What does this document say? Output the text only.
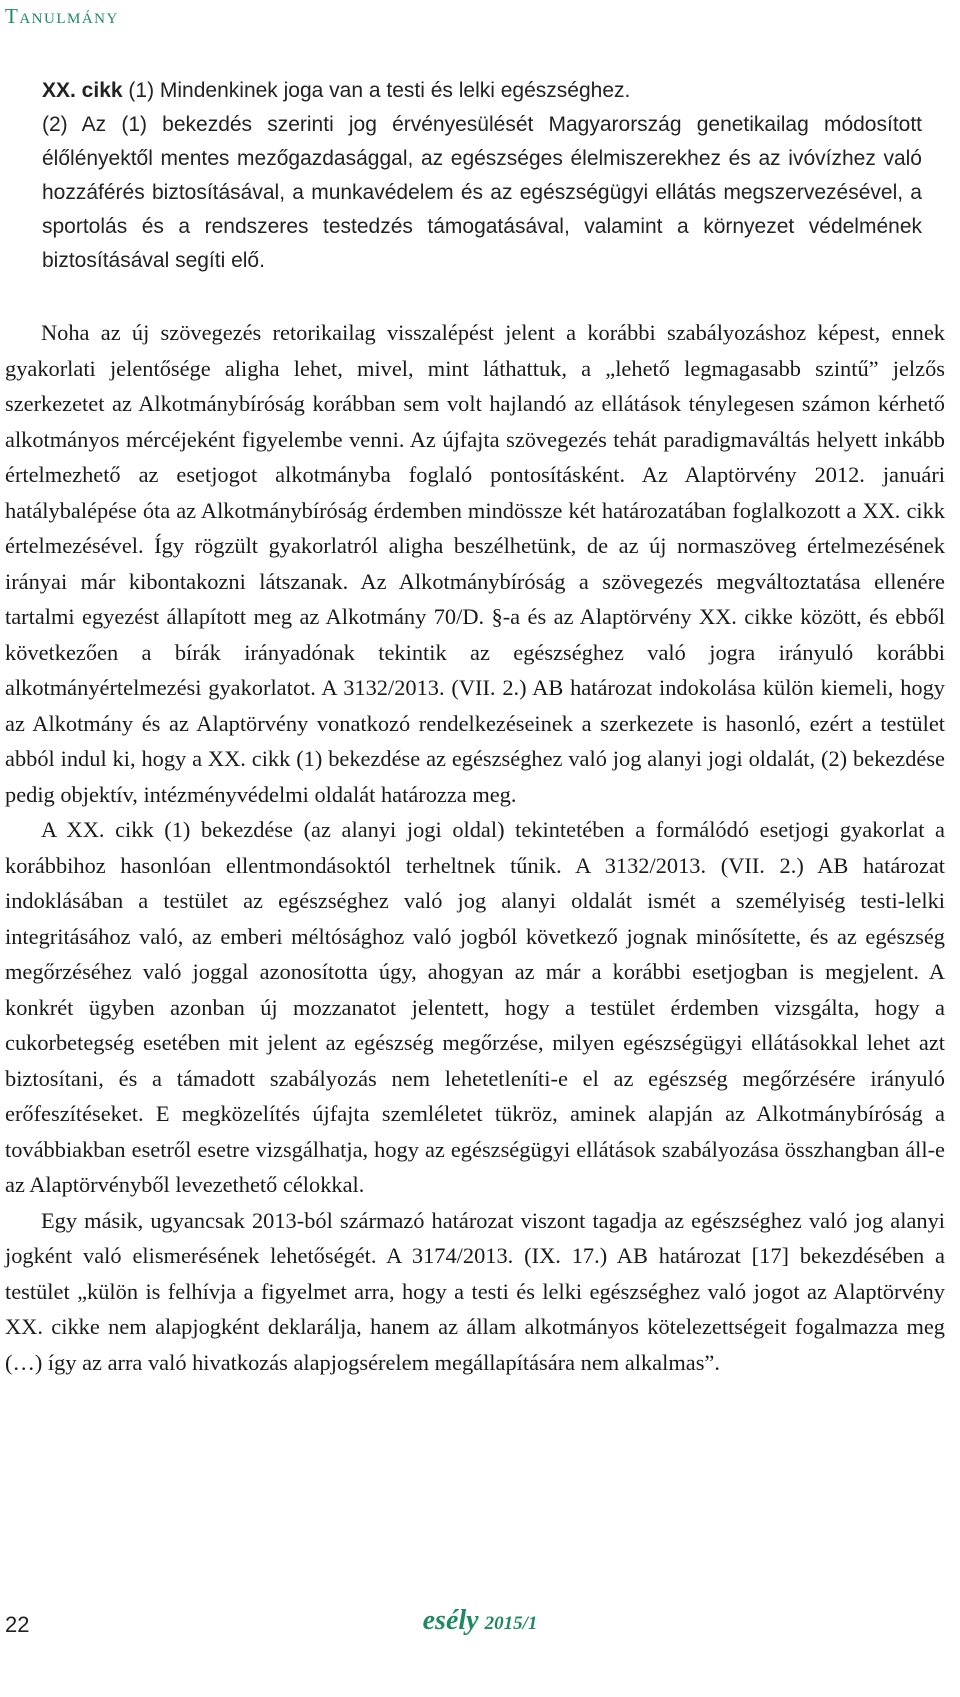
Tanulmány

XX. cikk (1) Mindenkinek joga van a testi és lelki egészséghez.

(2) Az (1) bekezdés szerinti jog érvényesülését Magyarország genetikailag módosított élőlényektől mentes mezőgazdasággal, az egészséges élelmiszerekhez és az ivóvízhez való hozzáférés biztosításával, a munkavédelem és az egészségügyi ellátás megszervezésével, a sportolás és a rendszeres testedzés támogatásával, valamint a környezet védelmének biztosításával segíti elő.

Noha az új szövegezés retorikailag visszalépést jelent a korábbi szabályozáshoz képest, ennek gyakorlati jelentősége aligha lehet, mivel, mint láthattuk, a „lehető legmagasabb szintű” jelzős szerkezetet az Alkotmánybíróság korábban sem volt hajlandó az ellátások ténylegesen számon kérhető alkotmányos mércéjeként figyelembe venni. Az újfajta szövegezés tehát paradigmaváltás helyett inkább értelmezhető az esetjogot alkotmányba foglaló pontosításként. Az Alaptörvény 2012. januári hatálybalépése óta az Alkotmánybíróság érdemben mindössze két határozatában foglalkozott a XX. cikk értelmezésével. Így rögzült gyakorlatról aligha beszélhetünk, de az új normaszöveg értelmezésének irányai már kibontakozni látszanak. Az Alkotmánybíróság a szövegezés megváltoztatása ellenére tartalmi egyezést állapított meg az Alkotmány 70/D. §-a és az Alaptörvény XX. cikke között, és ebből következően a bírák irányadónak tekintik az egészséghez való jogra irányuló korábbi alkotmányértelmezési gyakorlatot. A 3132/2013. (VII. 2.) AB határozat indokolása külön kiemeli, hogy az Alkotmány és az Alaptörvény vonatkozó rendelkezéseinek a szerkezete is hasonló, ezért a testület abból indul ki, hogy a XX. cikk (1) bekezdése az egészséghez való jog alanyi jogi oldalát, (2) bekezdése pedig objektív, intézményvédelmi oldalát határozza meg.

A XX. cikk (1) bekezdése (az alanyi jogi oldal) tekintetében a formálódó esetjogi gyakorlat a korábbihoz hasonlóan ellentmondásoktól terheltnek tűnik. A 3132/2013. (VII. 2.) AB határozat indoklásában a testület az egészséghez való jog alanyi oldalát ismét a személyiség testi-lelki integritásához való, az emberi méltósághoz való jogból következő jognak minősítette, és az egészség megőrzéséhez való joggal azonosította úgy, ahogyan az már a korábbi esetjogban is megjelent. A konkrét ügyben azonban új mozzanatot jelentett, hogy a testület érdemben vizsgálta, hogy a cukorbetegség esetében mit jelent az egészség megőrzése, milyen egészségügyi ellátásokkal lehet azt biztosítani, és a támadott szabályozás nem lehetetleníti-e el az egészség megőrzésére irányuló erőfeszítéseket. E megközelítés újfajta szemléletet tükröz, aminek alapján az Alkotmánybíróság a továbbiakban esetről esetre vizsgálhatja, hogy az egészségügyi ellátások szabályozása összhangban áll-e az Alaptörvényből levezethető célokkal.

Egy másik, ugyancsak 2013-ból származó határozat viszont tagadja az egészséghez való jog alanyi jogként való elismerésének lehetőségét. A 3174/2013. (IX. 17.) AB határozat [17] bekezdésében a testület „külön is felhívja a figyelmet arra, hogy a testi és lelki egészséghez való jogot az Alaptörvény XX. cikke nem alapjogként deklarálja, hanem az állam alkotmányos kötelezettségeit fogalmazza meg (…) így az arra való hivatkozás alapjogsérelem megállapítására nem alkalmas”.

22	esély 2015/1
